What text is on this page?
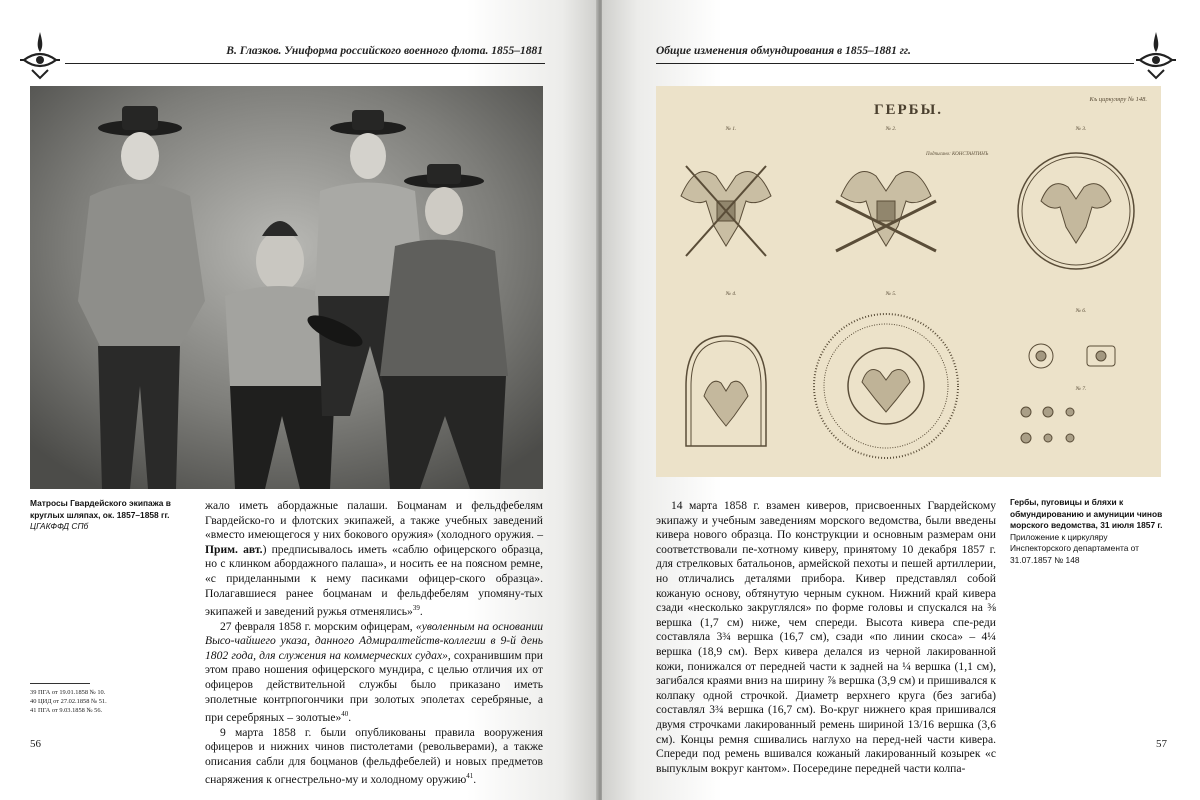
В. Глазков. Униформа российского военного флота. 1855–1881
Матросы Гвардейского экипажа в круглых шляпах, ок. 1857–1858 гг.
ЦГАКФФД СПб

жало иметь абордажные палаши. Боцманам и фельдфебелям Гвардейско-го и флотских экипажей, а также учебных заведений «вместо имеющегося у них бокового оружия» (холодного оружия. – Прим. авт.) предписывалось иметь «саблю офицерского образца, но с клинком абордажного палаша», и носить ее на поясном ремне, «с приделанными к нему пасиками офицер-ского образца». Полагавшиеся ранее боцманам и фельдфебелям упомяну-тых экипажей и заведений ружья отменялись»$^{39}$.

27 февраля 1858 г. морским офицерам, «уволенным на основании Высо-чайшего указа, данного Адмиралтейств-коллегии в 9-й день 1802 года, для служения на коммерческих судах», сохранившим при этом право ношения офицерского мундира, с целью отличия их от офицеров действительной службы было приказано иметь эполетные контрпогончики при золотых эполетах серебряные, а при серебряных – золотые»$^{40}$.

9 марта 1858 г. были опубликованы правила вооружения офицеров и нижних чинов пистолетами (револьверами), а также описания сабли для боцманов (фельдфебелей) и новых предметов снаряжения к огнестрельно-му и холодному оружию$^{41}$.

39 ПГА от 19.01.1858 № 10.
40 ЦИД от 27.02.1858 № 51.
41 ПГА от 9.03.1858 № 56.
56
Общие изменения обмундирования в 1855–1881 гг.
57
Къ циркуляру № 148.
ГЕРБЫ.
№ 1.	№ 2.	№ 3.
№ 4.	№ 5.
№ 6.
№ 7.
Подписано: КОНСТАНТИНЪ
Гербы, пуговицы и бляхи к обмундированию и амуниции чинов морского ведомства, 31 июля 1857 г. Приложение к циркуляру Инспекторского департамента от 31.07.1857 № 148

14 марта 1858 г. взамен киверов, присвоенных Гвардейскому экипажу и учебным заведениям морского ведомства, были введены кивера нового образца. По конструкции и основным размерам они соответствовали пе-хотному киверу, принятому 10 декабря 1857 г. для стрелковых батальонов, армейской пехоты и пешей артиллерии, но отличались деталями прибора. Кивер представлял собой кожаную основу, обтянутую черным сукном. Нижний край кивера сзади «несколько закруглялся» по форме головы и спускался на ⅜ вершка (1,7 см) ниже, чем спереди. Высота кивера спе-реди составляла 3¾ вершка (16,7 см), сзади «по линии скоса» – 4¼ вершка (18,9 см). Верх кивера делался из черной лакированной кожи, понижался от передней части к задней на ¼ вершка (1,1 см), загибался краями вниз на ширину ⅞ вершка (3,9 см) и пришивался к колпаку одной строчкой. Диаметр верхнего круга (без загиба) составлял 3¾ вершка (16,7 см). Во-круг нижнего края пришивался двумя строчками лакированный ремень шириной 13/16 вершка (3,6 см). Концы ремня сшивались наглухо на перед-ней части кивера. Спереди под ремень вшивался кожаный лакированный козырек «с выпуклым вокруг кантом». Посередине передней части колпа-
